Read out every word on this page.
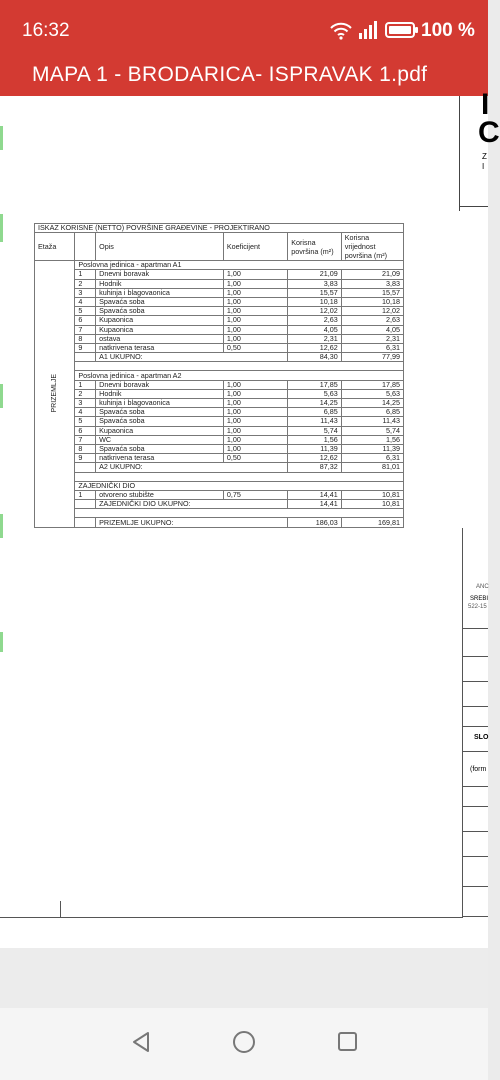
16:32	100 %
MAPA 1 - BRODARICA- ISPRAVAK 1.pdf
I
C
Z
I
ANC
SREBI
522-15
SLO
(form
ISKAZ KORISNE (NETTO) POVRŠINE GRAĐEVINE - PROJEKTIRANO					
Etaža		Opis	Koeficijent	Korisna površina (m²)	Korisna vrijednost površina (m²)
PRIZEMLJE	Poslovna jedinica - apartman A1				
	1	Dnevni boravak	1,00	21,09	21,09
	2	Hodnik	1,00	3,83	3,83
	3	kuhinja i blagovaonica	1,00	15,57	15,57
	4	Spavaća soba	1,00	10,18	10,18
	5	Spavaća soba	1,00	12,02	12,02
	6	Kupaonica	1,00	2,63	2,63
	7	Kupaonica	1,00	4,05	4,05
	8	ostava	1,00	2,31	2,31
	9	natkrivena terasa	0,50	12,62	6,31
		A1 UKUPNO:		84,30	77,99

	Poslovna jedinica - apartman A2				
	1	Dnevni boravak	1,00	17,85	17,85
	2	Hodnik	1,00	5,63	5,63
	3	kuhinja i blagovaonica	1,00	14,25	14,25
	4	Spavaća soba	1,00	6,85	6,85
	5	Spavaća soba	1,00	11,43	11,43
	6	Kupaonica	1,00	5,74	5,74
	7	WC	1,00	1,56	1,56
	8	Spavaća soba	1,00	11,39	11,39
	9	natkrivena terasa	0,50	12,62	6,31
		A2 UKUPNO:		87,32	81,01

	ZAJEDNIČKI DIO				
	1	otvoreno stubište	0,75	14,41	10,81
		ZAJEDNIČKI DIO UKUPNO:		14,41	10,81

		PRIZEMLJE UKUPNO:		186,03	169,81
